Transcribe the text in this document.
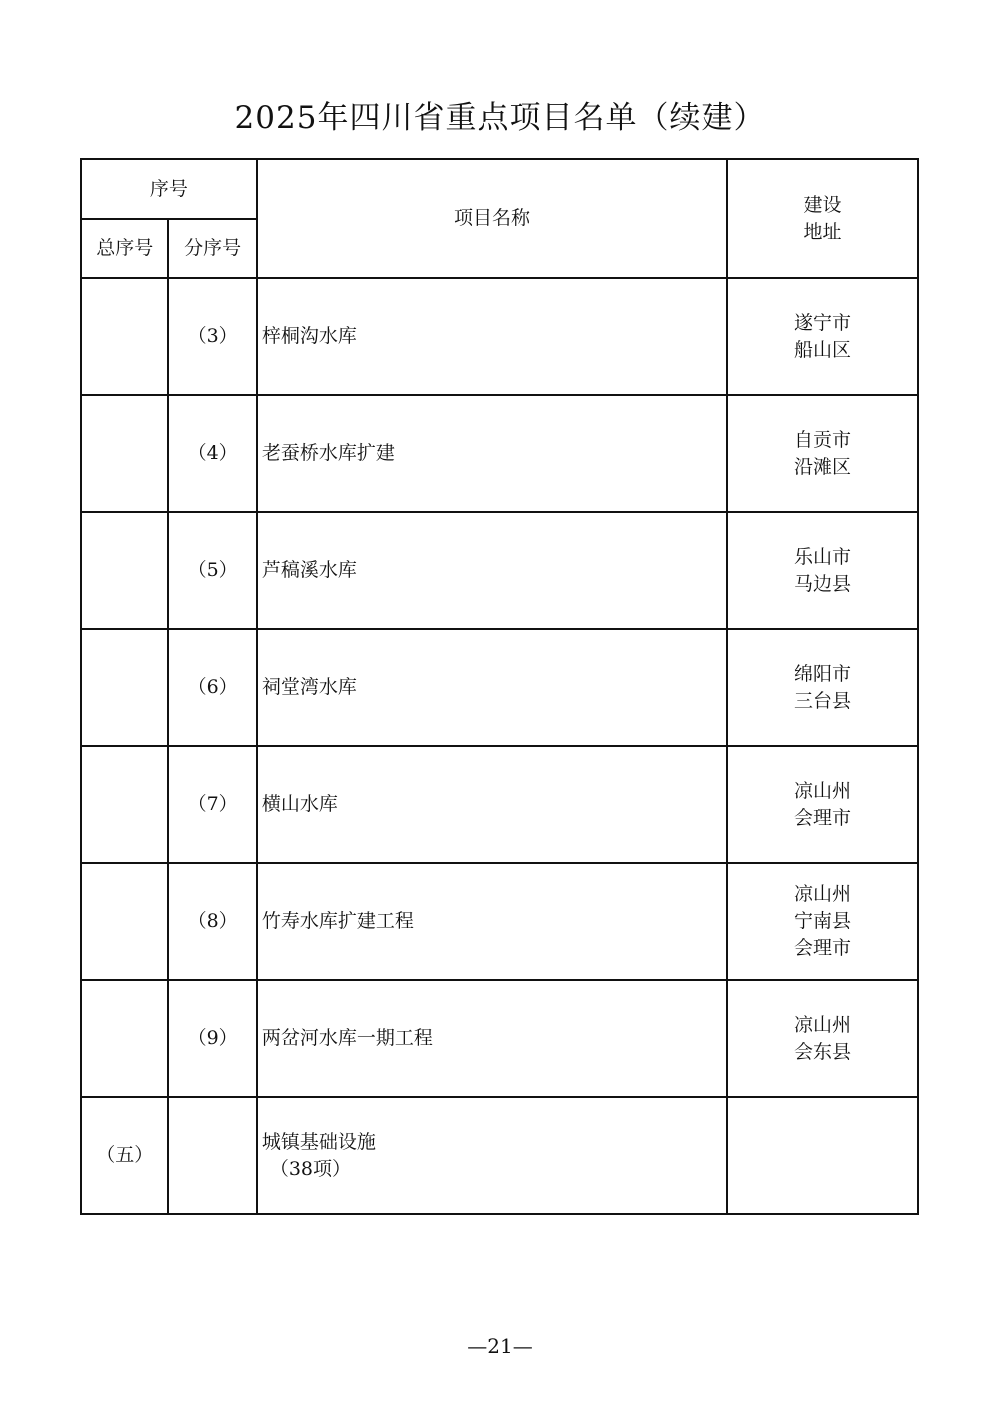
2025年四川省重点项目名单（续建）
序号		项目名称	建设地址
总序号	分序号		
	（3）	梓桐沟水库	遂宁市
船山区

	（4）	老蚕桥水库扩建	自贡市
沿滩区

	（5）	芦稿溪水库	乐山市
马边县

	（6）	祠堂湾水库	绵阳市
三台县

	（7）	横山水库	凉山州
会理市

	（8）	竹寿水库扩建工程	凉山州
宁南县
会理市

	（9）	两岔河水库一期工程	凉山州
会东县

（五）		城镇基础设施
（38项）	

—21—
